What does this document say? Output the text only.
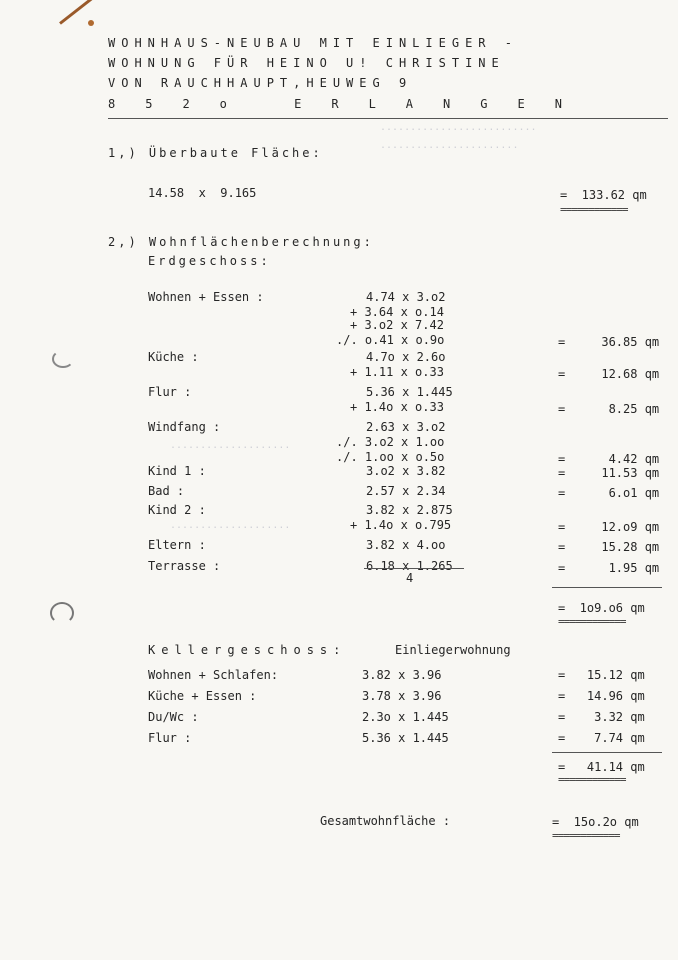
..........................
.......................
....................
....................
WOHNHAUS-NEUBAU MIT EINLIEGER -
WOHNUNG FÜR HEINO U! CHRISTINE
VON RAUCHHAUPT,HEUWEG 9
852o ERLANGEN
1,) Überbaute Fläche:
14.58  x  9.165	=  133.62 qm
============
2,) Wohnflächenberechnung:
Erdgeschoss:
Wohnen + Essen :	4.74 x 3.o2
+ 3.64 x o.14
+ 3.o2 x 7.42
./. o.41 x o.9o	=     36.85 qm
Küche :	4.7o x 2.6o
+ 1.11 x o.33	=     12.68 qm
Flur :	5.36 x 1.445
+ 1.4o x o.33	=      8.25 qm
Windfang :	2.63 x 3.o2
./. 3.o2 x 1.oo
./. 1.oo x o.5o	=      4.42 qm
Kind 1 :	3.o2 x 3.82	=     11.53 qm
Bad :	2.57 x 2.34	=      6.o1 qm
Kind 2 :	3.82 x 2.875
+ 1.4o x o.795	=     12.o9 qm
Eltern :	3.82 x 4.oo	=     15.28 qm
Terrasse :	6.18 x 1.265	=      1.95 qm
4
=  1o9.o6 qm
============
Kellergeschoss:	Einliegerwohnung
Wohnen + Schlafen:	3.82 x 3.96	=   15.12 qm
Küche + Essen :	3.78 x 3.96	=   14.96 qm
Du/Wc :	2.3o x 1.445	=    3.32 qm
Flur :	5.36 x 1.445	=    7.74 qm
=   41.14 qm
============
Gesamtwohnfläche :	=  15o.2o qm
============
